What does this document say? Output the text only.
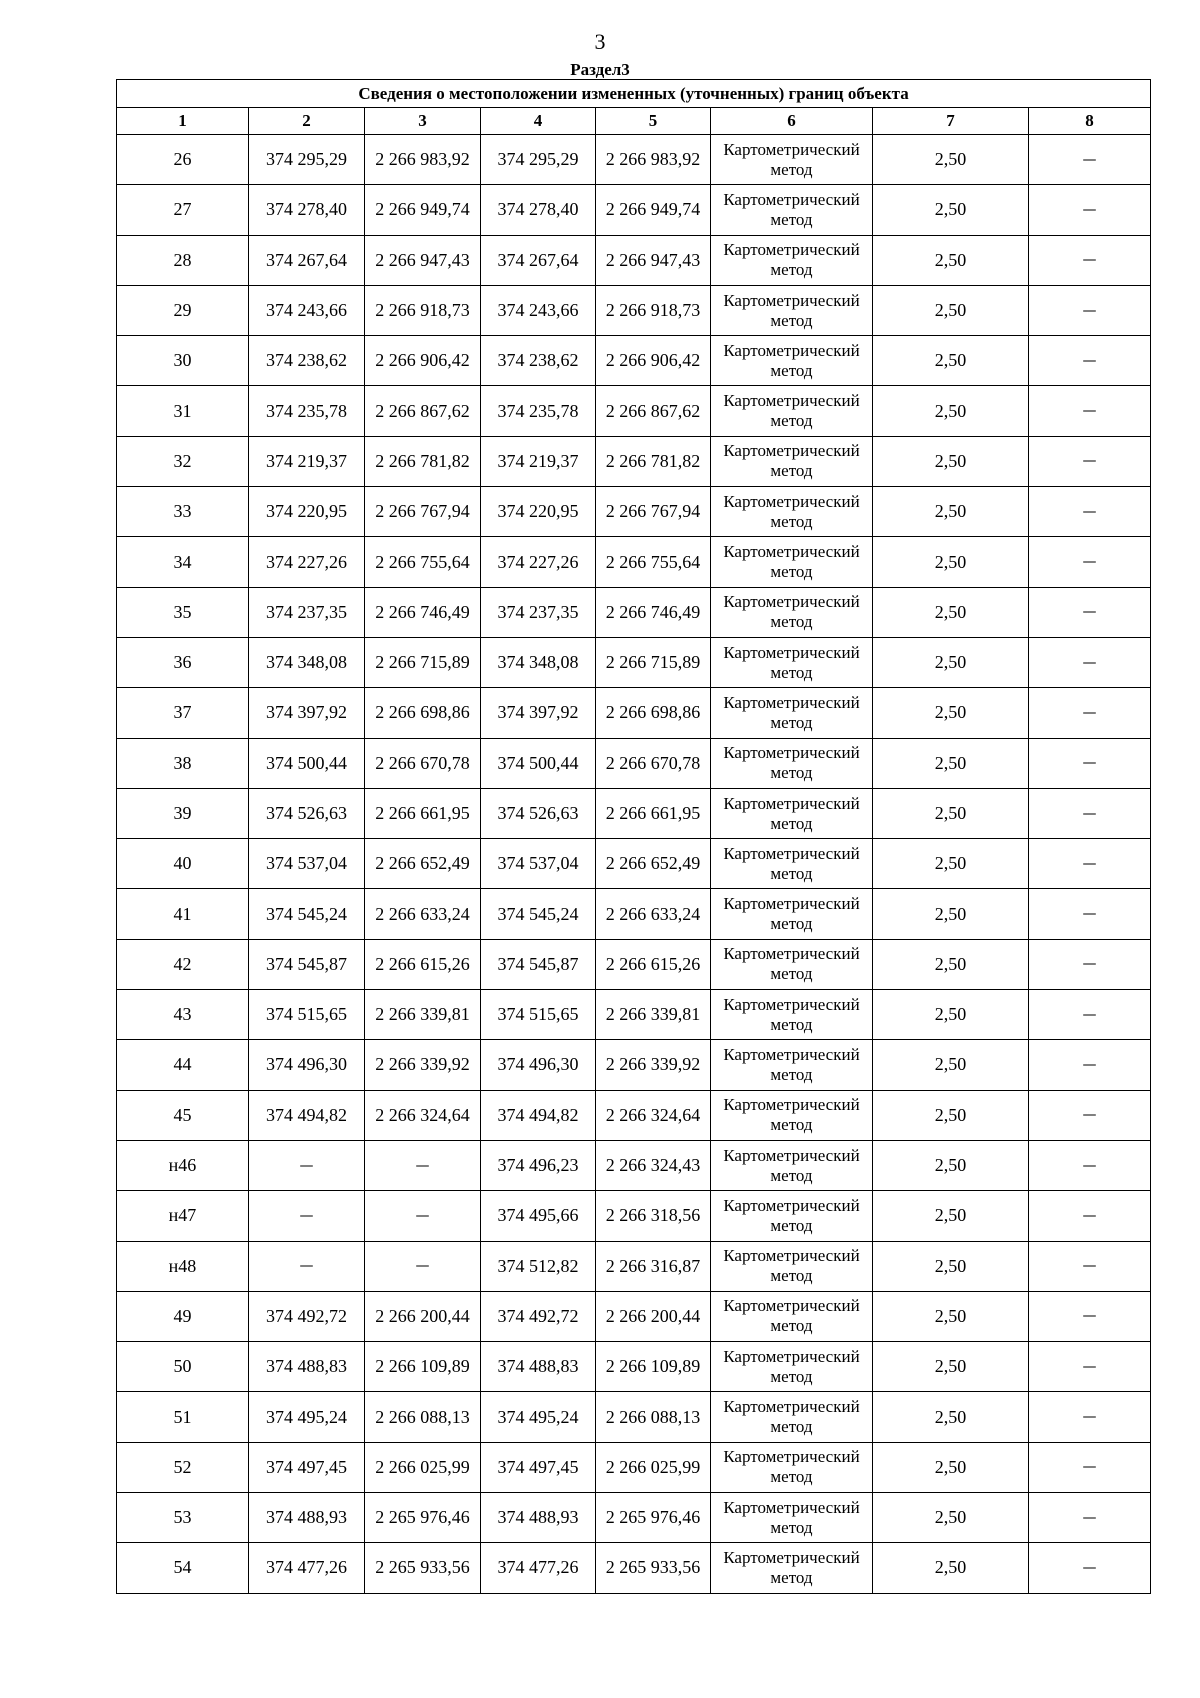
3
Раздел3
Сведения о местоположении измененных (уточненных) границ объекта							
1	2	3	4	5	6	7	8
26	374 295,29	2 266 983,92	374 295,29	2 266 983,92	Картометрический метод	2,50	—
27	374 278,40	2 266 949,74	374 278,40	2 266 949,74	Картометрический метод	2,50	—
28	374 267,64	2 266 947,43	374 267,64	2 266 947,43	Картометрический метод	2,50	—
29	374 243,66	2 266 918,73	374 243,66	2 266 918,73	Картометрический метод	2,50	—
30	374 238,62	2 266 906,42	374 238,62	2 266 906,42	Картометрический метод	2,50	—
31	374 235,78	2 266 867,62	374 235,78	2 266 867,62	Картометрический метод	2,50	—
32	374 219,37	2 266 781,82	374 219,37	2 266 781,82	Картометрический метод	2,50	—
33	374 220,95	2 266 767,94	374 220,95	2 266 767,94	Картометрический метод	2,50	—
34	374 227,26	2 266 755,64	374 227,26	2 266 755,64	Картометрический метод	2,50	—
35	374 237,35	2 266 746,49	374 237,35	2 266 746,49	Картометрический метод	2,50	—
36	374 348,08	2 266 715,89	374 348,08	2 266 715,89	Картометрический метод	2,50	—
37	374 397,92	2 266 698,86	374 397,92	2 266 698,86	Картометрический метод	2,50	—
38	374 500,44	2 266 670,78	374 500,44	2 266 670,78	Картометрический метод	2,50	—
39	374 526,63	2 266 661,95	374 526,63	2 266 661,95	Картометрический метод	2,50	—
40	374 537,04	2 266 652,49	374 537,04	2 266 652,49	Картометрический метод	2,50	—
41	374 545,24	2 266 633,24	374 545,24	2 266 633,24	Картометрический метод	2,50	—
42	374 545,87	2 266 615,26	374 545,87	2 266 615,26	Картометрический метод	2,50	—
43	374 515,65	2 266 339,81	374 515,65	2 266 339,81	Картометрический метод	2,50	—
44	374 496,30	2 266 339,92	374 496,30	2 266 339,92	Картометрический метод	2,50	—
45	374 494,82	2 266 324,64	374 494,82	2 266 324,64	Картометрический метод	2,50	—
н46	—	—	374 496,23	2 266 324,43	Картометрический метод	2,50	—
н47	—	—	374 495,66	2 266 318,56	Картометрический метод	2,50	—
н48	—	—	374 512,82	2 266 316,87	Картометрический метод	2,50	—
49	374 492,72	2 266 200,44	374 492,72	2 266 200,44	Картометрический метод	2,50	—
50	374 488,83	2 266 109,89	374 488,83	2 266 109,89	Картометрический метод	2,50	—
51	374 495,24	2 266 088,13	374 495,24	2 266 088,13	Картометрический метод	2,50	—
52	374 497,45	2 266 025,99	374 497,45	2 266 025,99	Картометрический метод	2,50	—
53	374 488,93	2 265 976,46	374 488,93	2 265 976,46	Картометрический метод	2,50	—
54	374 477,26	2 265 933,56	374 477,26	2 265 933,56	Картометрический метод	2,50	—
